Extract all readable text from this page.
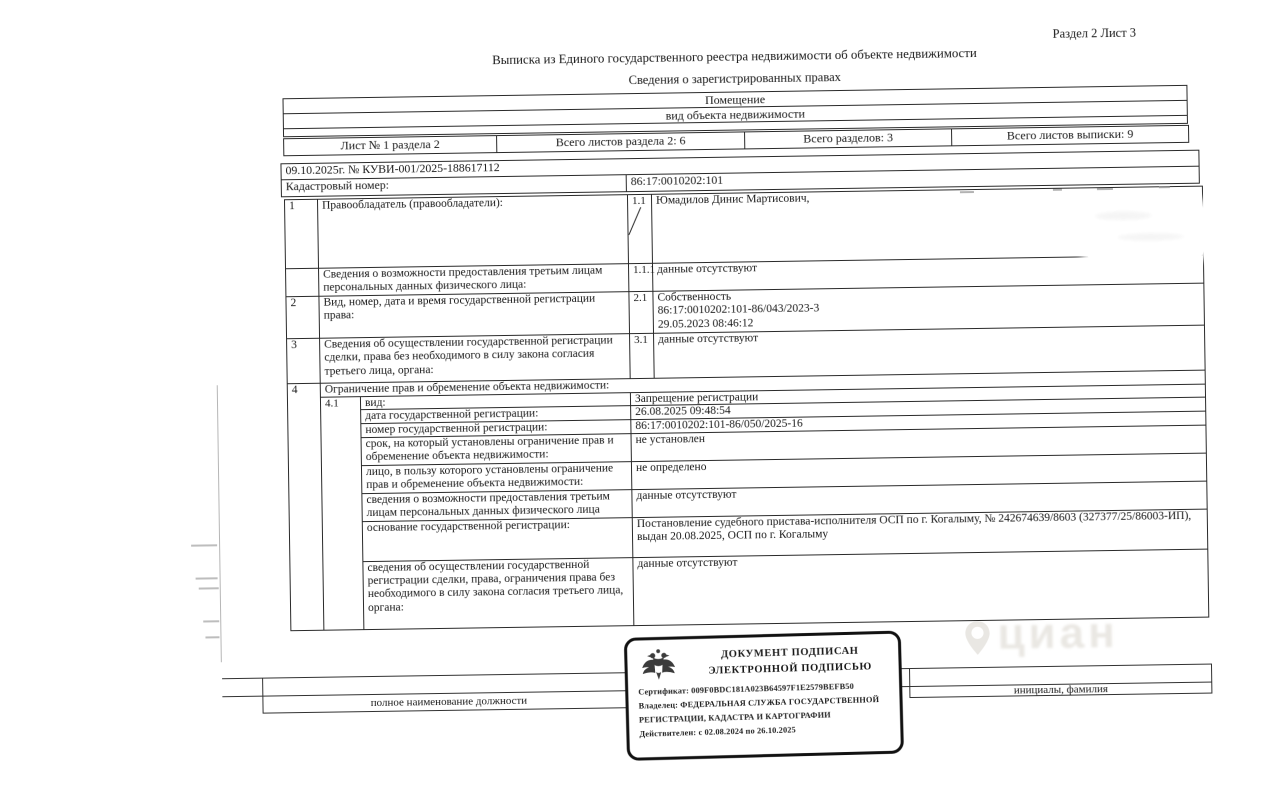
Раздел 2 Лист 3
Выписка из Единого государственного реестра недвижимости об объекте недвижимости
Сведения о зарегистрированных правах
Помещение
вид объекта недвижимости

Лист № 1 раздела 2	Всего листов раздела 2: 6	Всего разделов: 3	Всего листов выписки: 9
09.10.2025г. № КУВИ-001/2025-188617112
Кадастровый номер:	86:17:0010202:101
1	Правообладатель (правообладатели):		1.1	Юмадилов Динис Мартисович,
	Сведения о возможности предоставления третьим лицам персональных данных физического лица:		1.1.1	данные отсутствуют
2	Вид, номер, дата и время государственной регистрации права:		2.1	Собственность
86:17:0010202:101-86/043/2023-3
29.05.2023 08:46:12

3	Сведения об осуществлении государственной регистрации сделки, права без необходимого в силу закона согласия третьего лица, органа:		3.1	данные отсутствуют
4	Ограничение прав и обременение объекта недвижимости:			
	4.1	вид:	Запрещение регистрации	
		дата государственной регистрации:	26.08.2025 09:48:54	
		номер государственной регистрации:	86:17:0010202:101-86/050/2025-16	
		срок, на который установлены ограничение прав и обременение объекта недвижимости:	не установлен	
		лицо, в пользу которого установлены ограничение прав и обременение объекта недвижимости:	не определено	
		сведения о возможности предоставления третьим лицам персональных данных физического лица	данные отсутствуют	
		основание государственной регистрации:	Постановление судебного пристава-исполнителя ОСП по г. Когалыму, № 242674639/8603 (327377/25/86003-ИП), выдан 20.08.2025, ОСП по г. Когалыму	
		сведения об осуществлении государственной регистрации сделки, права, ограничения права без необходимого в силу закона согласия третьего лица, органа:	данные отсутствуют	
циан
полное наименование должности
инициалы, фамилия
ДОКУМЕНТ ПОДПИСАН
ЭЛЕКТРОННОЙ ПОДПИСЬЮ
Сертификат: 009F0BDC181A023B64597F1E2579BEFB50
Владелец: ФЕДЕРАЛЬНАЯ СЛУЖБА ГОСУДАРСТВЕННОЙ
РЕГИСТРАЦИИ, КАДАСТРА И КАРТОГРАФИИ
Действителен: с 02.08.2024 по 26.10.2025
